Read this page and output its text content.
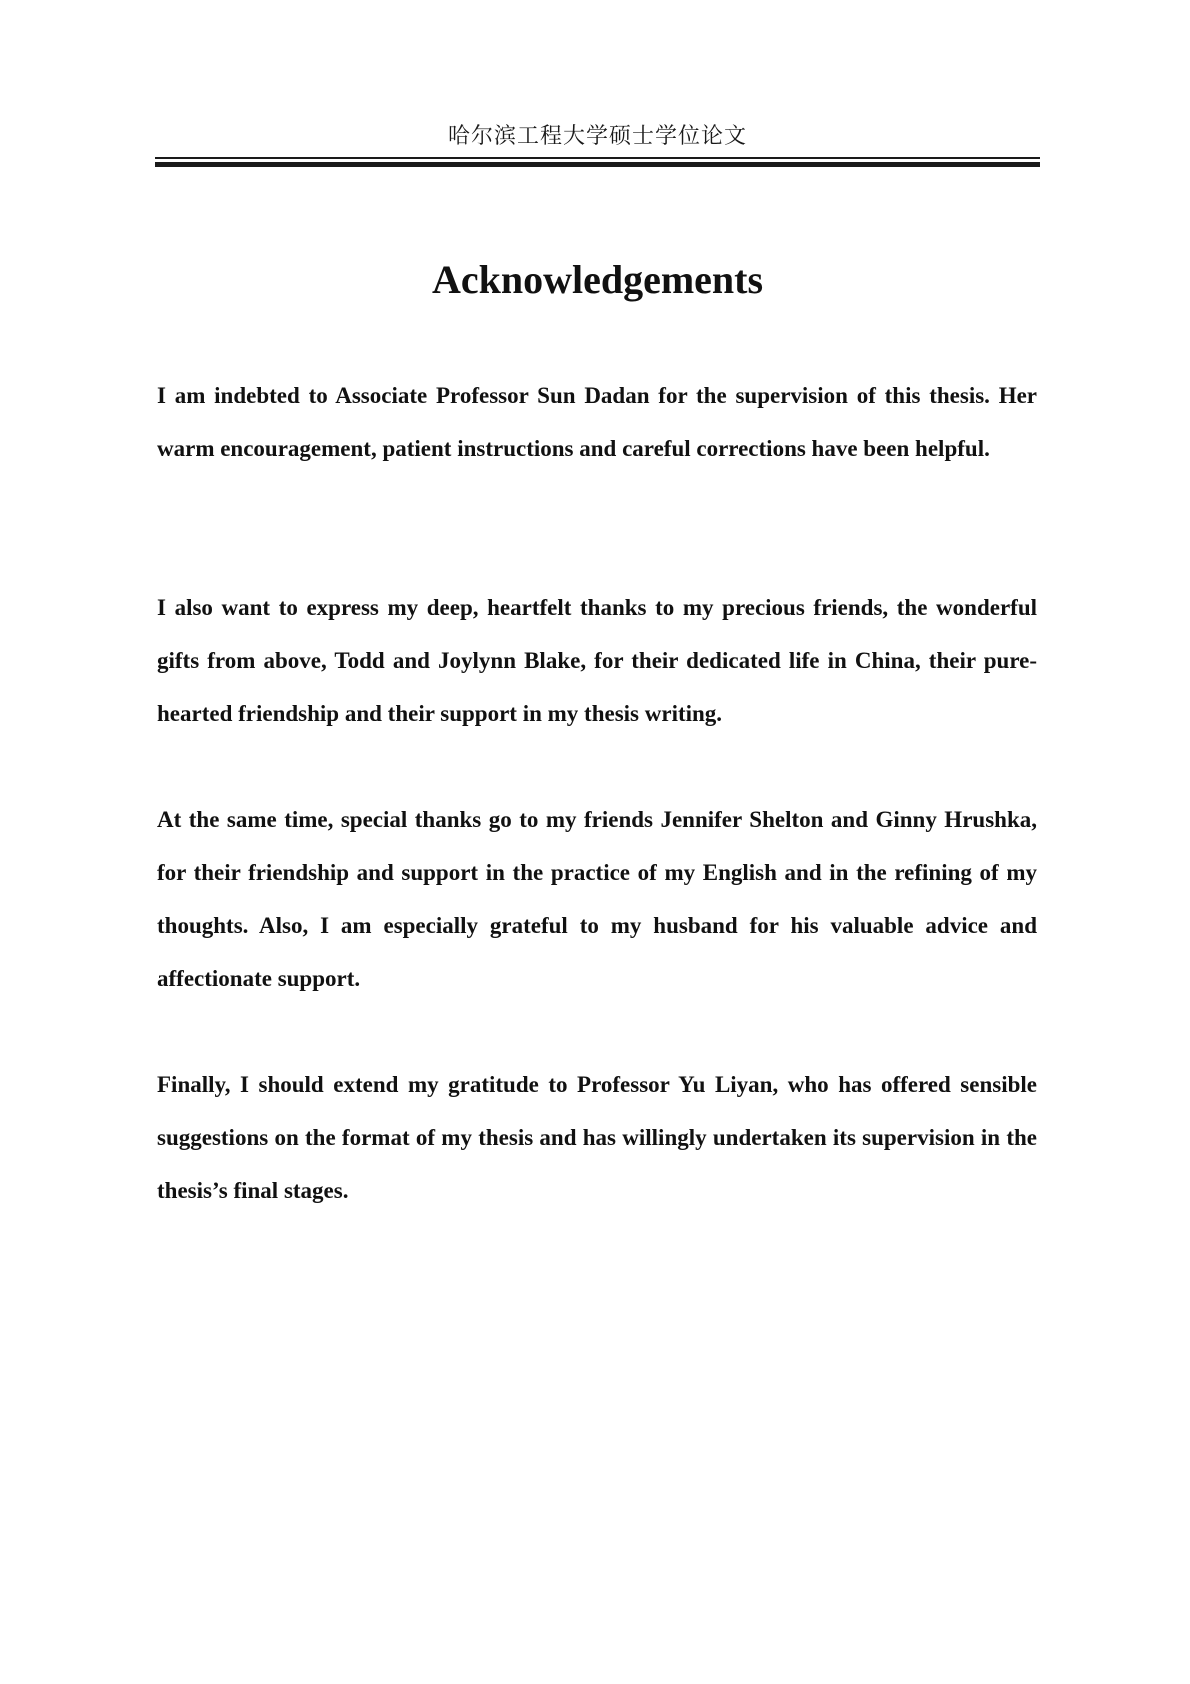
哈尔滨工程大学硕士学位论文
Acknowledgements

I am indebted to Associate Professor Sun Dadan for the supervision of this thesis. Her warm encouragement, patient instructions and careful corrections have been helpful.

I also want to express my deep, heartfelt thanks to my precious friends, the wonderful gifts from above, Todd and Joylynn Blake, for their dedicated life in China, their pure-hearted friendship and their support in my thesis writing.

At the same time, special thanks go to my friends Jennifer Shelton and Ginny Hrushka, for their friendship and support in the practice of my English and in the refining of my thoughts. Also, I am especially grateful to my husband for his valuable advice and affectionate support.

Finally, I should extend my gratitude to Professor Yu Liyan, who has offered sensible suggestions on the format of my thesis and has willingly undertaken its supervision in the thesis’s final stages.
